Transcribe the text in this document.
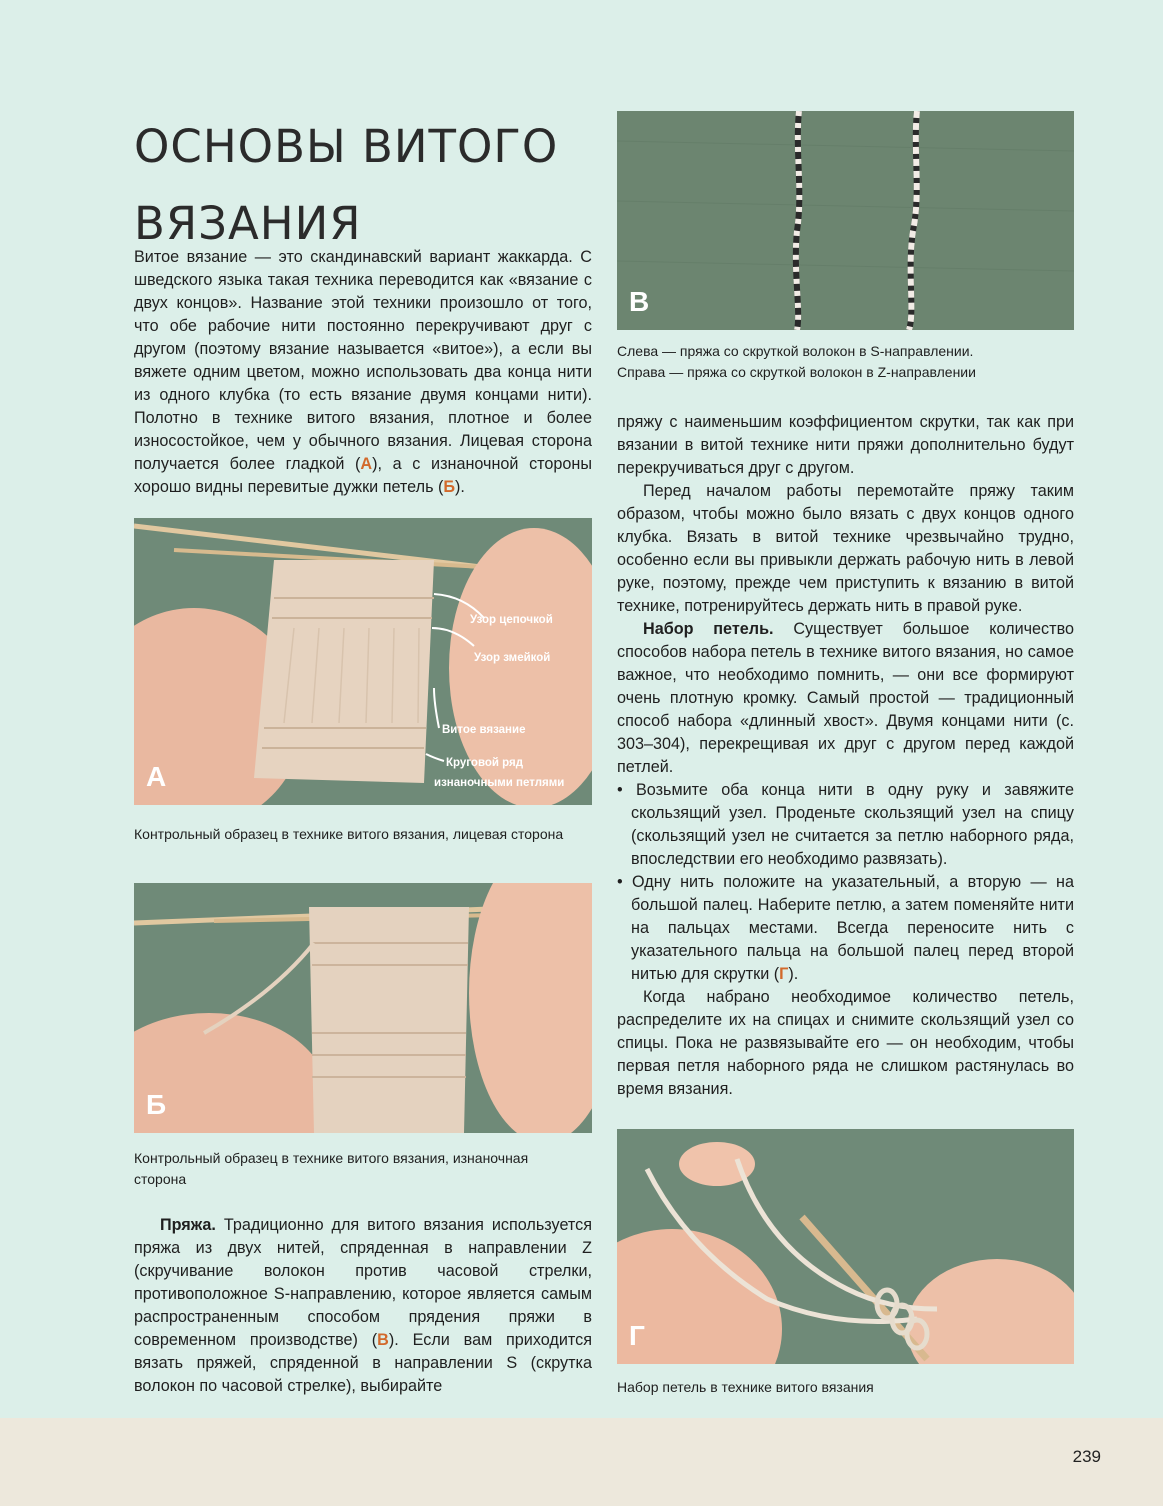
239
ОСНОВЫ ВИТОГО
ВЯЗАНИЯ

Витое вязание — это скандинавский вариант жаккарда. С шведского языка такая техника переводится как «вязание с двух концов». Название этой техники произошло от того, что обе рабочие нити постоянно перекручивают друг с другом (поэтому вязание называется «витое»), а если вы вяжете одним цветом, можно использовать два конца нити из одного клубка (то есть вязание двумя концами нити). Полотно в технике витого вязания, плотное и более износостойкое, чем у обычного вязания. Лицевая сторона получается более гладкой (А), а с изнаночной стороны хорошо видны перевитые дужки петель (Б).

Узор цепочкой
Узор змейкой
Витое вязание
Круговой ряд
изнаночными петлями
А
Контрольный образец в технике витого вязания, лицевая сторона
Б
Контрольный образец в технике витого вязания, изнаночная сторона

Пряжа. Традиционно для витого вязания используется пряжа из двух нитей, спряденная в направлении Z (скручивание волокон против часовой стрелки, противоположное S-направлению, которое является самым распространенным способом прядения пряжи в современном производстве) (В). Если вам приходится вязать пряжей, спряденной в направлении S (скрутка волокон по часовой стрелке), выбирайте

В
Слева — пряжа со скруткой волокон в S-направлении.
Справа — пряжа со скруткой волокон в Z-направлении

пряжу с наименьшим коэффициентом скрутки, так как при вязании в витой технике нити пряжи дополнительно будут перекручиваться друг с другом.

Перед началом работы перемотайте пряжу таким образом, чтобы можно было вязать с двух концов одного клубка. Вязать в витой технике чрезвычайно трудно, особенно если вы привыкли держать рабочую нить в левой руке, поэтому, прежде чем приступить к вязанию в витой технике, потренируйтесь держать нить в правой руке.

Набор петель. Существует большое количество способов набора петель в технике витого вязания, но самое важное, что необходимо помнить, — они все формируют очень плотную кромку. Самый простой — традиционный способ набора «длинный хвост». Двумя концами нити (с. 303–304), перекрещивая их друг с другом перед каждой петлей.

• Возьмите оба конца нити в одну руку и завяжите скользящий узел. Проденьте скользящий узел на спицу (скользящий узел не считается за петлю наборного ряда, впоследствии его необходимо развязать).

• Одну нить положите на указательный, а вторую — на большой палец. Наберите петлю, а затем поменяйте нити на пальцах местами. Всегда переносите нить с указательного пальца на большой палец перед второй нитью для скрутки (Г).

Когда набрано необходимое количество петель, распределите их на спицах и снимите скользящий узел со спицы. Пока не развязывайте его — он необходим, чтобы первая петля наборного ряда не слишком растянулась во время вязания.

Г
Набор петель в технике витого вязания
